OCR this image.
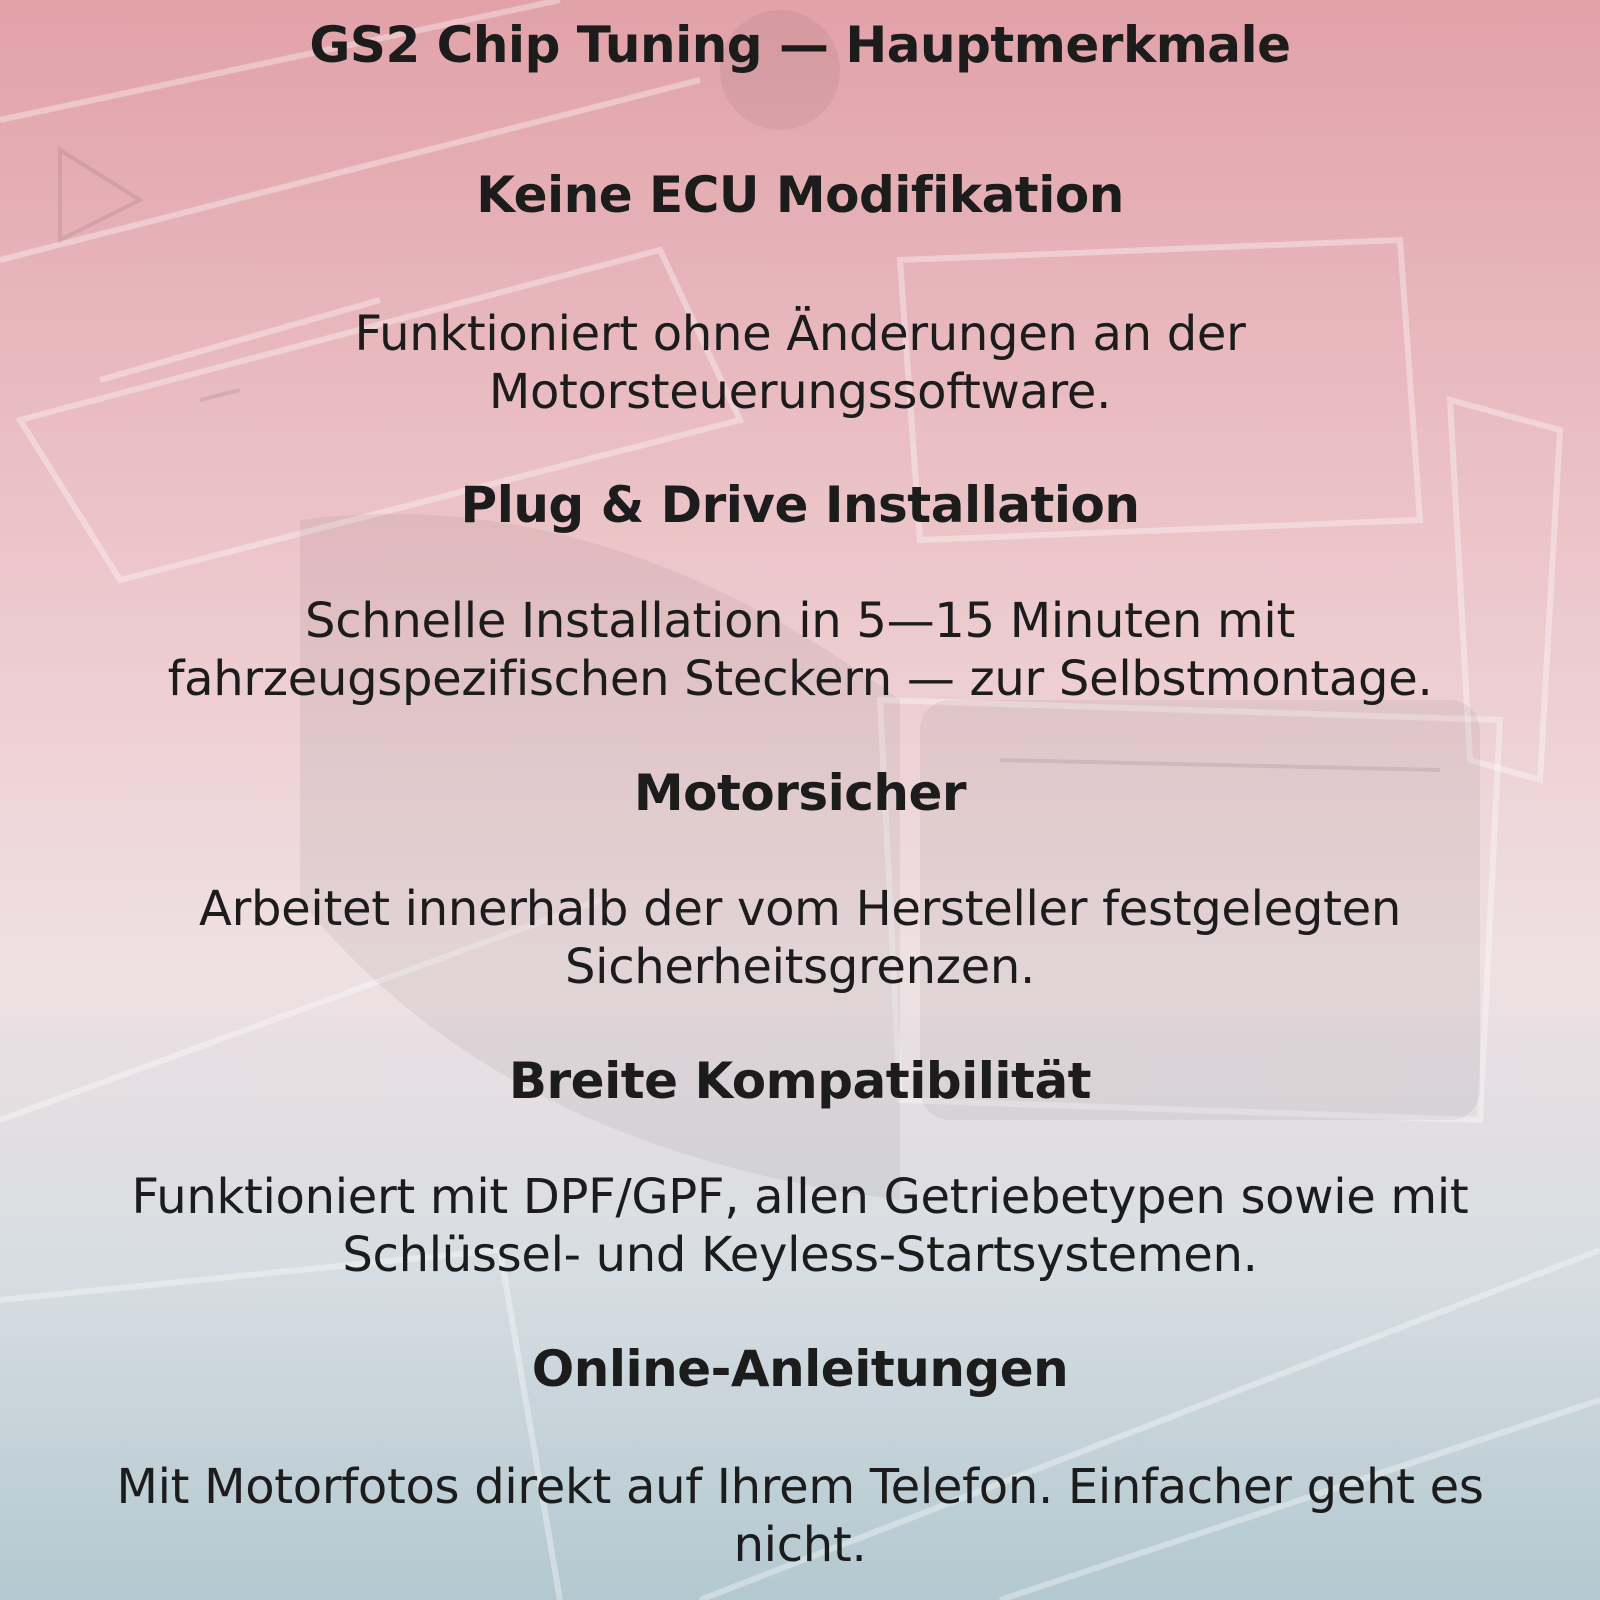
GS2 Chip Tuning — Hauptmerkmale
Keine ECU Modifikation
Funktioniert ohne Änderungen an der Motorsteuerungssoftware.
Plug & Drive Installation
Schnelle Installation in 5—15 Minuten mit fahrzeugspezifischen Steckern — zur Selbstmontage.
Motorsicher
Arbeitet innerhalb der vom Hersteller festgelegten Sicherheitsgrenzen.
Breite Kompatibilität
Funktioniert mit DPF/GPF, allen Getriebetypen sowie mit Schlüssel- und Keyless-Startsystemen.
Online-Anleitungen
Mit Motorfotos direkt auf Ihrem Telefon. Einfacher geht es nicht.
